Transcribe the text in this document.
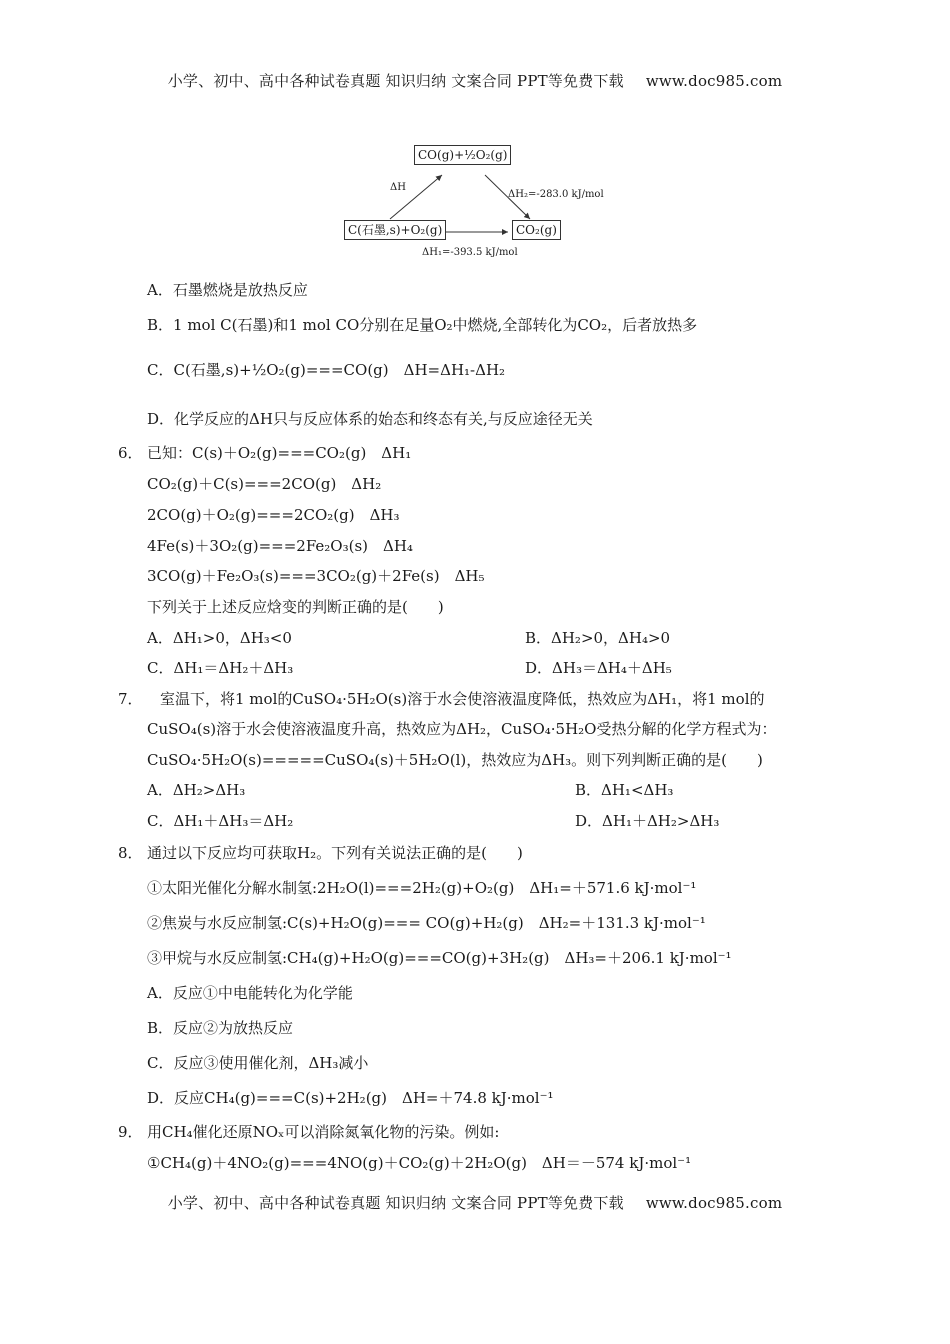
小学、初中、高中各种试卷真题 知识归纳 文案合同 PPT等免费下载 www.doc985.com
CO(g)+½O₂(g)
C(石墨,s)+O₂(g)	CO₂(g)
ΔH
ΔH₂=-283.0 kJ/mol
ΔH₁=-393.5 kJ/mol
A．石墨燃烧是放热反应
B．1 mol C(石墨)和1 mol CO分别在足量O₂中燃烧,全部转化为CO₂，后者放热多
C．C(石墨,s)+½O₂(g)===CO(g)　ΔH=ΔH₁-ΔH₂
D．化学反应的ΔH只与反应体系的始态和终态有关,与反应途径无关
6． 已知：C(s)＋O₂(g)===CO₂(g)　ΔH₁
CO₂(g)＋C(s)===2CO(g)　ΔH₂
2CO(g)＋O₂(g)===2CO₂(g)　ΔH₃
4Fe(s)＋3O₂(g)===2Fe₂O₃(s)　ΔH₄
3CO(g)＋Fe₂O₃(s)===3CO₂(g)＋2Fe(s)　ΔH₅
下列关于上述反应焓变的判断正确的是(　　)
A．ΔH₁>0，ΔH₃<0	B．ΔH₂>0，ΔH₄>0
C．ΔH₁＝ΔH₂＋ΔH₃	D．ΔH₃＝ΔH₄＋ΔH₅
7． 室温下，将1 mol的CuSO₄·5H₂O(s)溶于水会使溶液温度降低，热效应为ΔH₁，将1 mol的
CuSO₄(s)溶于水会使溶液温度升高，热效应为ΔH₂，CuSO₄·5H₂O受热分解的化学方程式为：
CuSO₄·5H₂O(s)=====CuSO₄(s)＋5H₂O(l)，热效应为ΔH₃。则下列判断正确的是(　　)
A．ΔH₂>ΔH₃	B．ΔH₁<ΔH₃
C．ΔH₁＋ΔH₃＝ΔH₂	D．ΔH₁＋ΔH₂>ΔH₃
8． 通过以下反应均可获取H₂。下列有关说法正确的是(　　)
①太阳光催化分解水制氢:2H₂O(l)===2H₂(g)+O₂(g)　ΔH₁=＋571.6 kJ·mol⁻¹
②焦炭与水反应制氢:C(s)+H₂O(g)=== CO(g)+H₂(g)　ΔH₂=＋131.3 kJ·mol⁻¹
③甲烷与水反应制氢:CH₄(g)+H₂O(g)===CO(g)+3H₂(g)　ΔH₃=＋206.1 kJ·mol⁻¹
A．反应①中电能转化为化学能
B．反应②为放热反应
C．反应③使用催化剂，ΔH₃减小
D．反应CH₄(g)===C(s)+2H₂(g)　ΔH=＋74.8 kJ·mol⁻¹
9． 用CH₄催化还原NOₓ可以消除氮氧化物的污染。例如:
①CH₄(g)＋4NO₂(g)===4NO(g)＋CO₂(g)＋2H₂O(g)　ΔH＝－574 kJ·mol⁻¹
小学、初中、高中各种试卷真题 知识归纳 文案合同 PPT等免费下载 www.doc985.com
